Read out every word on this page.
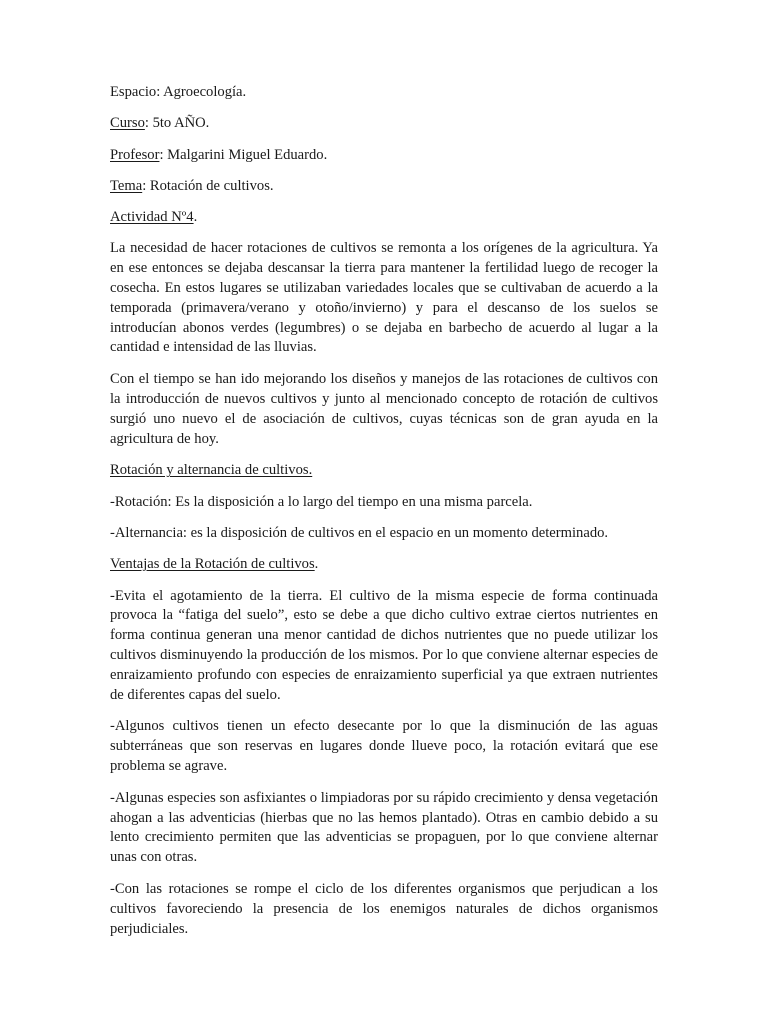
Espacio: Agroecología.

Curso: 5to AÑO.

Profesor: Malgarini Miguel Eduardo.

Tema: Rotación de cultivos.

Actividad Nº4.

La necesidad de hacer rotaciones de cultivos se remonta a los orígenes de la agricultura. Ya en ese entonces se dejaba descansar la tierra para mantener la fertilidad luego de recoger la cosecha. En estos lugares se utilizaban variedades locales que se cultivaban de acuerdo a la temporada (primavera/verano y otoño/invierno) y para el descanso de los suelos se introducían abonos verdes (legumbres) o se dejaba en barbecho de acuerdo al lugar a la cantidad e intensidad de las lluvias.

Con el tiempo se han ido mejorando los diseños y manejos de las rotaciones de cultivos con la introducción de nuevos cultivos y junto al mencionado concepto de rotación de cultivos surgió uno nuevo el de asociación de cultivos, cuyas técnicas son de gran ayuda en la agricultura de hoy.

Rotación y alternancia de cultivos.

-Rotación: Es la disposición a lo largo del tiempo en una misma parcela.

-Alternancia: es la disposición de cultivos en el espacio en un momento determinado.

Ventajas de la Rotación de cultivos.

-Evita el agotamiento de la tierra. El cultivo de la misma especie de forma continuada provoca la “fatiga del suelo”, esto se debe a que dicho cultivo extrae ciertos nutrientes en forma continua generan una menor cantidad de dichos nutrientes que no puede utilizar los cultivos disminuyendo la producción de los mismos. Por lo que conviene alternar especies de enraizamiento profundo con especies de enraizamiento superficial ya que extraen nutrientes de diferentes capas del suelo.

-Algunos cultivos tienen un efecto desecante por lo que la disminución de las aguas subterráneas que son reservas en lugares donde llueve poco, la rotación evitará que ese problema se agrave.

-Algunas especies son asfixiantes o limpiadoras por su rápido crecimiento y densa vegetación ahogan a las adventicias (hierbas que no las hemos plantado). Otras en cambio debido a su lento crecimiento permiten que las adventicias se propaguen, por lo que conviene alternar unas con otras.

-Con las rotaciones se rompe el ciclo de los diferentes organismos que perjudican a los cultivos favoreciendo la presencia de los enemigos naturales de dichos organismos perjudiciales.
